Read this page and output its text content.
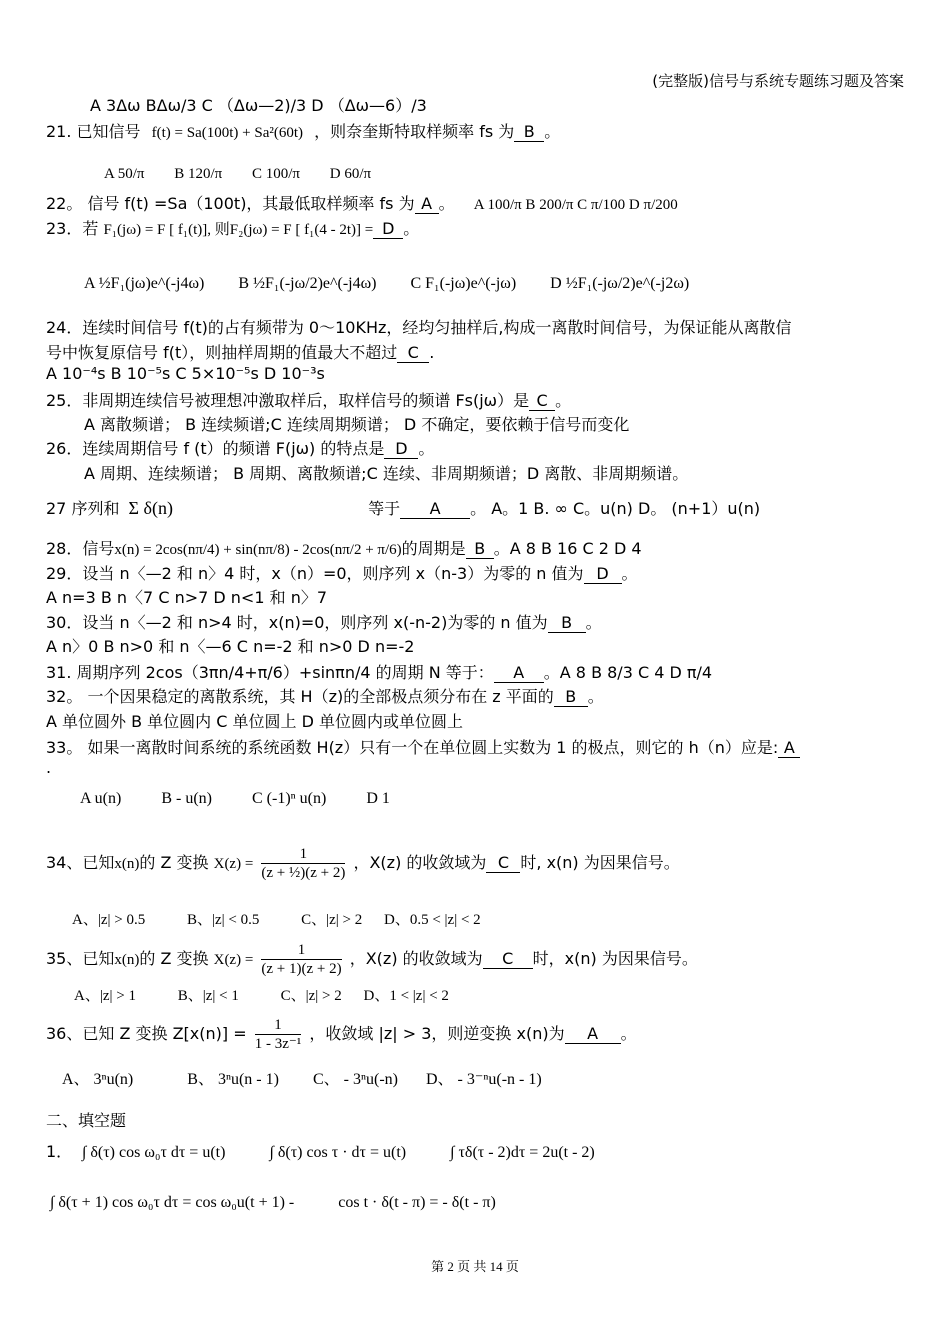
(完整版)信号与系统专题练习题及答案
A 3Δω BΔω/3 C （Δω—2)/3 D （Δω—6）/3
21. 已知信号 f(t) = Sa(100t) + Sa²(60t) ，则奈奎斯特取样频率 fs 为 B 。
A 50/π B 120/π C 100/π D 60/π
22。 信号 f(t) =Sa（100t)，其最低取样频率 fs 为 A 。 A 100/π B 200/π C π/100 D π/200
23．若 F₁(jω) = F [ f₁(t)], 则F₂(jω) = F [ f₁(4 - 2t)] = D 。
A ½F₁(jω)e^(-j4ω) B ½F₁(-jω/2)e^(-j4ω) C F₁(-jω)e^(-jω) D ½F₁(-jω/2)e^(-j2ω)
24．连续时间信号 f(t)的占有频带为 0～10KHz，经均匀抽样后,构成一离散时间信号，为保证能从离散信
号中恢复原信号 f(t），则抽样周期的值最大不超过 C .
A 10⁻⁴s B 10⁻⁵s C 5×10⁻⁵s D 10⁻³s
25．非周期连续信号被理想冲激取样后，取样信号的频谱 Fs(jω）是 C 。
A 离散频谱； B 连续频谱;C 连续周期频谱； D 不确定，要依赖于信号而变化
26．连续周期信号 f (t）的频谱 F(jω) 的特点是 D 。
A 周期、连续频谱； B 周期、离散频谱;C 连续、非周期频谱；D 离散、非周期频谱。
27 序列和 Σ δ(n)	等于 A 。 A。1 B. ∞ C。u(n) D。 (n+1）u(n)
28．信号x(n) = 2cos(nπ/4) + sin(nπ/8) - 2cos(nπ/2 + π/6)的周期是 B 。A 8 B 16 C 2 D 4
29．设当 n〈—2 和 n〉4 时，x（n）=0，则序列 x（n-3）为零的 n 值为 D 。
A n=3 B n〈7 C n>7 D n<1 和 n〉7
30．设当 n〈—2 和 n>4 时，x(n)=0，则序列 x(-n-2)为零的 n 值为 B 。
A n〉0 B n>0 和 n〈—6 C n=-2 和 n>0 D n=-2
31. 周期序列 2cos（3πn/4+π/6）+sinπn/4 的周期 N 等于： A 。A 8 B 8/3 C 4 D π/4
32。 一个因果稳定的离散系统，其 H（z)的全部极点须分布在 z 平面的 B 。
A 单位圆外 B 单位圆内 C 单位圆上 D 单位圆内或单位圆上
33。 如果一离散时间系统的系统函数 H(z）只有一个在单位圆上实数为 1 的极点，则它的 h（n）应是: A
.
A u(n)	B - u(n)	C (-1)ⁿ u(n)	D 1
34、已知x(n)的 Z 变换 $X(z) = \frac{1}{\text{(z + ½)(z + 2)}}$ ，X(z) 的收敛域为 C 时, x(n) 为因果信号。
A、|z| > 0.5	B、|z| < 0.5	C、|z| > 2 D、0.5 < |z| < 2
35、已知x(n)的 Z 变换 $X(z) = \frac{1}{(z + 1)(z + 2)}$ ，X(z) 的收敛域为 C 时，x(n) 为因果信号。
A、|z| > 1	B、|z| < 1	C、|z| > 2 D、1 < |z| < 2
36、已知 Z 变换 $Z[x(n)] = \frac{1}{\text{1 - 3z⁻¹}}$ ，收敛域 |z| > 3，则逆变换 x(n)为 A 。
A、 3ⁿu(n)	B、 3ⁿu(n - 1) C、 - 3ⁿu(-n) D、 - 3⁻ⁿu(-n - 1)
二、填空题
1． ∫ δ(τ) cos ω₀τ dτ = u(t)	∫ δ(τ) cos τ · dτ = u(t)	∫ τδ(τ - 2)dτ = 2u(t - 2)
∫ δ(τ + 1) cos ω₀τ dτ = cos ω₀u(t + 1) -	cos t · δ(t - π) = - δ(t - π)
第 2 页 共 14 页
